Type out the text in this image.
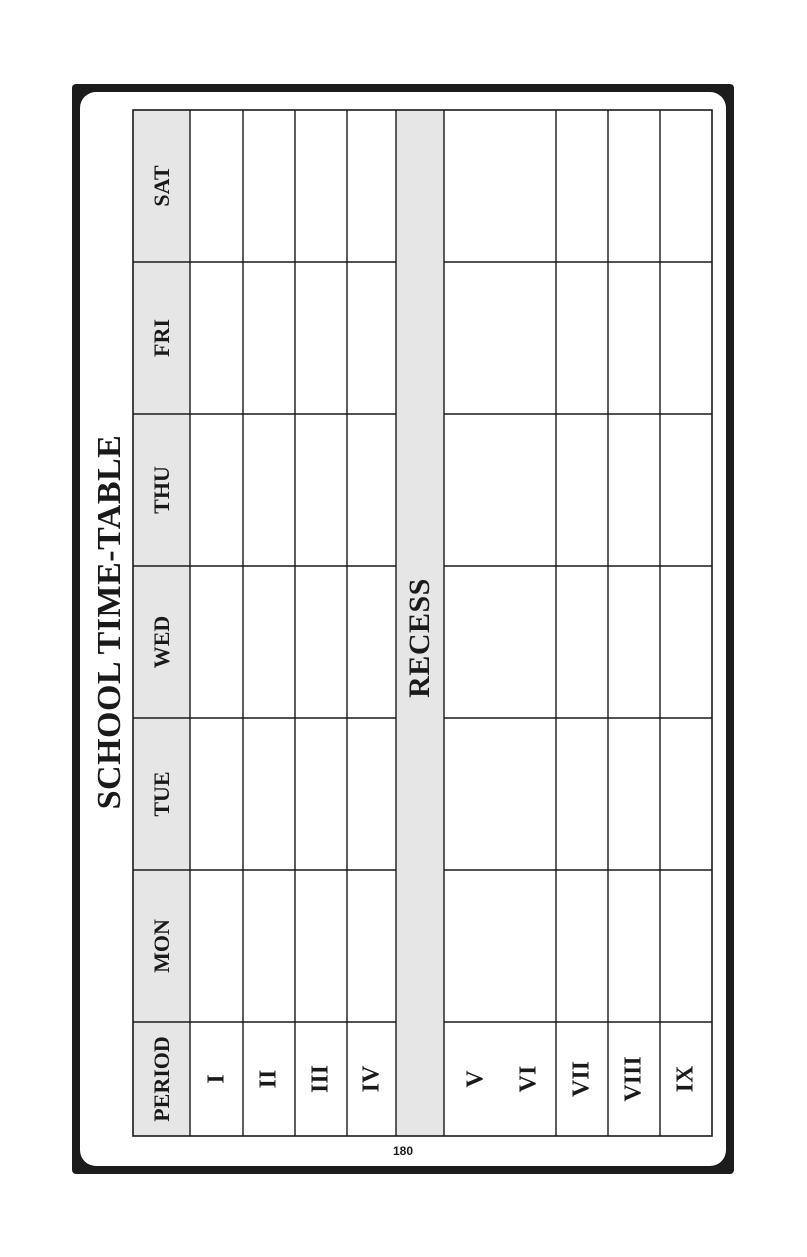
SCHOOL TIME-TABLE
PERIOD
MON
TUE
WED
THU
FRI
SAT
I II III IV	V VI VII VIII IX
RECESS
180
